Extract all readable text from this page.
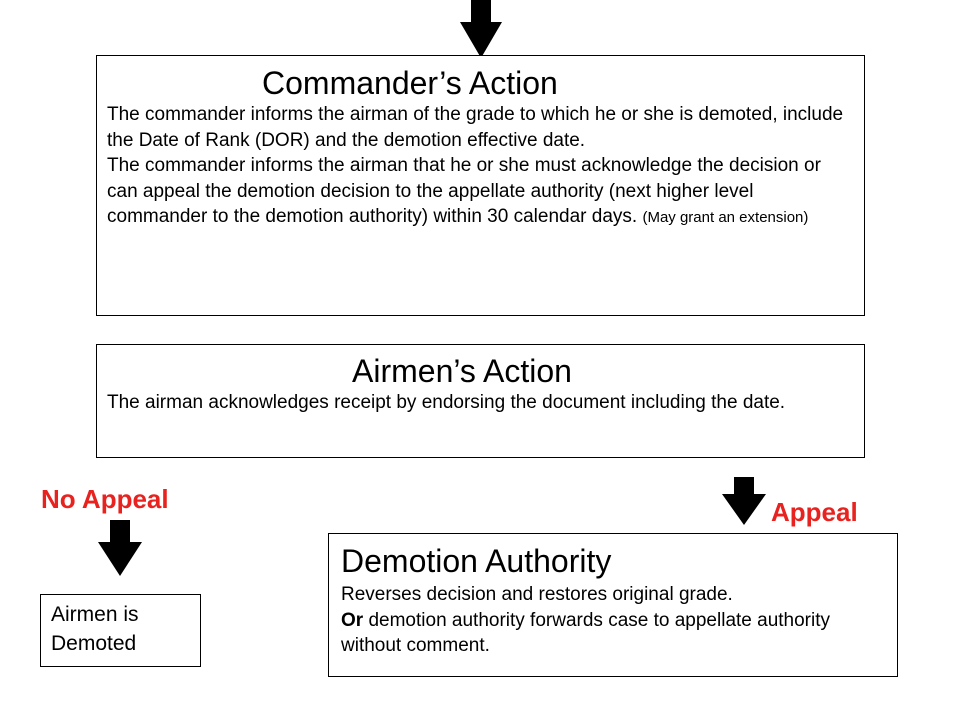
Commander’s Action
The commander informs the airman of the grade to which he or she is demoted, include the Date of Rank (DOR) and the demotion effective date.
The commander informs the airman that he or she must acknowledge the decision or can appeal the demotion decision to the appellate authority (next higher level commander to the demotion authority) within 30 calendar days. (May grant an extension)
Airmen’s Action
The airman acknowledges receipt by endorsing the document including the date.
No Appeal	Appeal
Airmen is Demoted
Demotion Authority
Reverses decision and restores original grade.
Or demotion authority forwards case to appellate authority without comment.
